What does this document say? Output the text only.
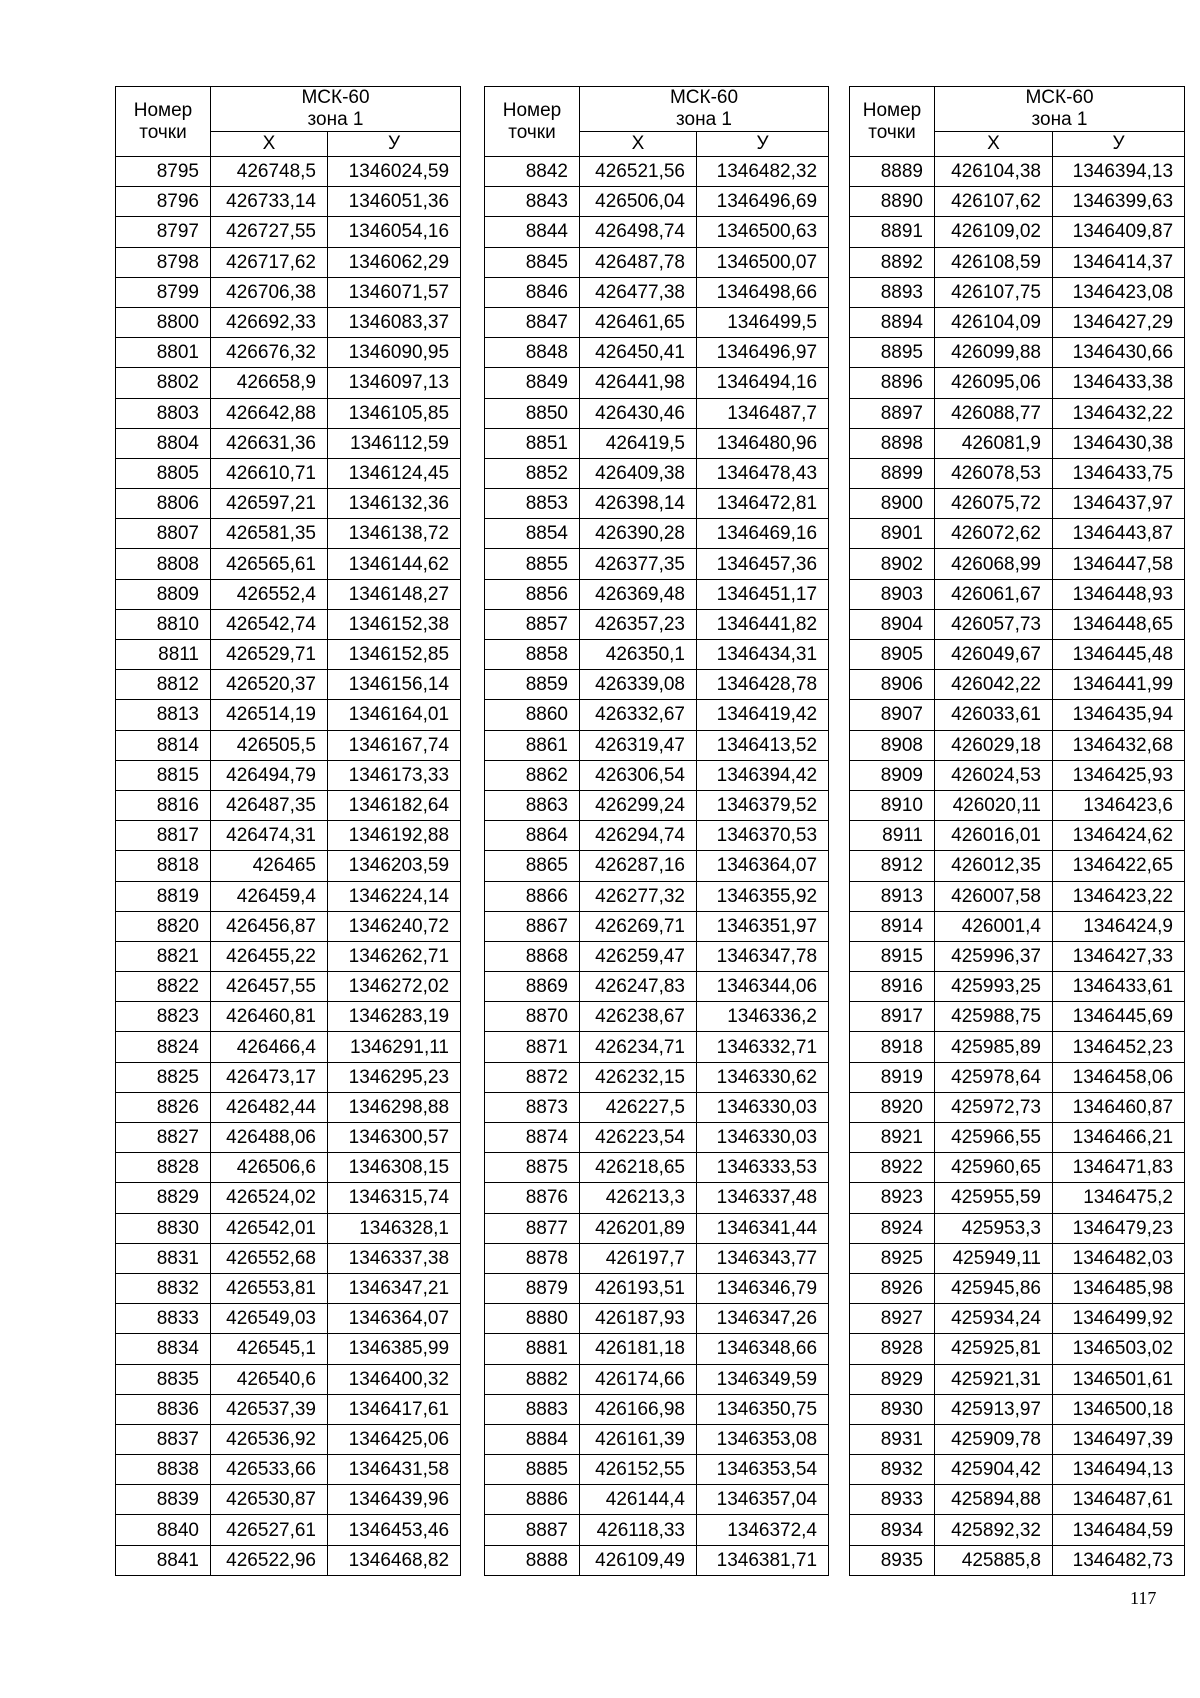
Номер точки	МСК-60
зона 1	
	Х	У
8795	426748,5	1346024,59
8796	426733,14	1346051,36
8797	426727,55	1346054,16
8798	426717,62	1346062,29
8799	426706,38	1346071,57
8800	426692,33	1346083,37
8801	426676,32	1346090,95
8802	426658,9	1346097,13
8803	426642,88	1346105,85
8804	426631,36	1346112,59
8805	426610,71	1346124,45
8806	426597,21	1346132,36
8807	426581,35	1346138,72
8808	426565,61	1346144,62
8809	426552,4	1346148,27
8810	426542,74	1346152,38
8811	426529,71	1346152,85
8812	426520,37	1346156,14
8813	426514,19	1346164,01
8814	426505,5	1346167,74
8815	426494,79	1346173,33
8816	426487,35	1346182,64
8817	426474,31	1346192,88
8818	426465	1346203,59
8819	426459,4	1346224,14
8820	426456,87	1346240,72
8821	426455,22	1346262,71
8822	426457,55	1346272,02
8823	426460,81	1346283,19
8824	426466,4	1346291,11
8825	426473,17	1346295,23
8826	426482,44	1346298,88
8827	426488,06	1346300,57
8828	426506,6	1346308,15
8829	426524,02	1346315,74
8830	426542,01	1346328,1
8831	426552,68	1346337,38
8832	426553,81	1346347,21
8833	426549,03	1346364,07
8834	426545,1	1346385,99
8835	426540,6	1346400,32
8836	426537,39	1346417,61
8837	426536,92	1346425,06
8838	426533,66	1346431,58
8839	426530,87	1346439,96
8840	426527,61	1346453,46
8841	426522,96	1346468,82
Номер точки	МСК-60
зона 1	
	Х	У
8842	426521,56	1346482,32
8843	426506,04	1346496,69
8844	426498,74	1346500,63
8845	426487,78	1346500,07
8846	426477,38	1346498,66
8847	426461,65	1346499,5
8848	426450,41	1346496,97
8849	426441,98	1346494,16
8850	426430,46	1346487,7
8851	426419,5	1346480,96
8852	426409,38	1346478,43
8853	426398,14	1346472,81
8854	426390,28	1346469,16
8855	426377,35	1346457,36
8856	426369,48	1346451,17
8857	426357,23	1346441,82
8858	426350,1	1346434,31
8859	426339,08	1346428,78
8860	426332,67	1346419,42
8861	426319,47	1346413,52
8862	426306,54	1346394,42
8863	426299,24	1346379,52
8864	426294,74	1346370,53
8865	426287,16	1346364,07
8866	426277,32	1346355,92
8867	426269,71	1346351,97
8868	426259,47	1346347,78
8869	426247,83	1346344,06
8870	426238,67	1346336,2
8871	426234,71	1346332,71
8872	426232,15	1346330,62
8873	426227,5	1346330,03
8874	426223,54	1346330,03
8875	426218,65	1346333,53
8876	426213,3	1346337,48
8877	426201,89	1346341,44
8878	426197,7	1346343,77
8879	426193,51	1346346,79
8880	426187,93	1346347,26
8881	426181,18	1346348,66
8882	426174,66	1346349,59
8883	426166,98	1346350,75
8884	426161,39	1346353,08
8885	426152,55	1346353,54
8886	426144,4	1346357,04
8887	426118,33	1346372,4
8888	426109,49	1346381,71
Номер точки	МСК-60
зона 1	
	Х	У
8889	426104,38	1346394,13
8890	426107,62	1346399,63
8891	426109,02	1346409,87
8892	426108,59	1346414,37
8893	426107,75	1346423,08
8894	426104,09	1346427,29
8895	426099,88	1346430,66
8896	426095,06	1346433,38
8897	426088,77	1346432,22
8898	426081,9	1346430,38
8899	426078,53	1346433,75
8900	426075,72	1346437,97
8901	426072,62	1346443,87
8902	426068,99	1346447,58
8903	426061,67	1346448,93
8904	426057,73	1346448,65
8905	426049,67	1346445,48
8906	426042,22	1346441,99
8907	426033,61	1346435,94
8908	426029,18	1346432,68
8909	426024,53	1346425,93
8910	426020,11	1346423,6
8911	426016,01	1346424,62
8912	426012,35	1346422,65
8913	426007,58	1346423,22
8914	426001,4	1346424,9
8915	425996,37	1346427,33
8916	425993,25	1346433,61
8917	425988,75	1346445,69
8918	425985,89	1346452,23
8919	425978,64	1346458,06
8920	425972,73	1346460,87
8921	425966,55	1346466,21
8922	425960,65	1346471,83
8923	425955,59	1346475,2
8924	425953,3	1346479,23
8925	425949,11	1346482,03
8926	425945,86	1346485,98
8927	425934,24	1346499,92
8928	425925,81	1346503,02
8929	425921,31	1346501,61
8930	425913,97	1346500,18
8931	425909,78	1346497,39
8932	425904,42	1346494,13
8933	425894,88	1346487,61
8934	425892,32	1346484,59
8935	425885,8	1346482,73
117
